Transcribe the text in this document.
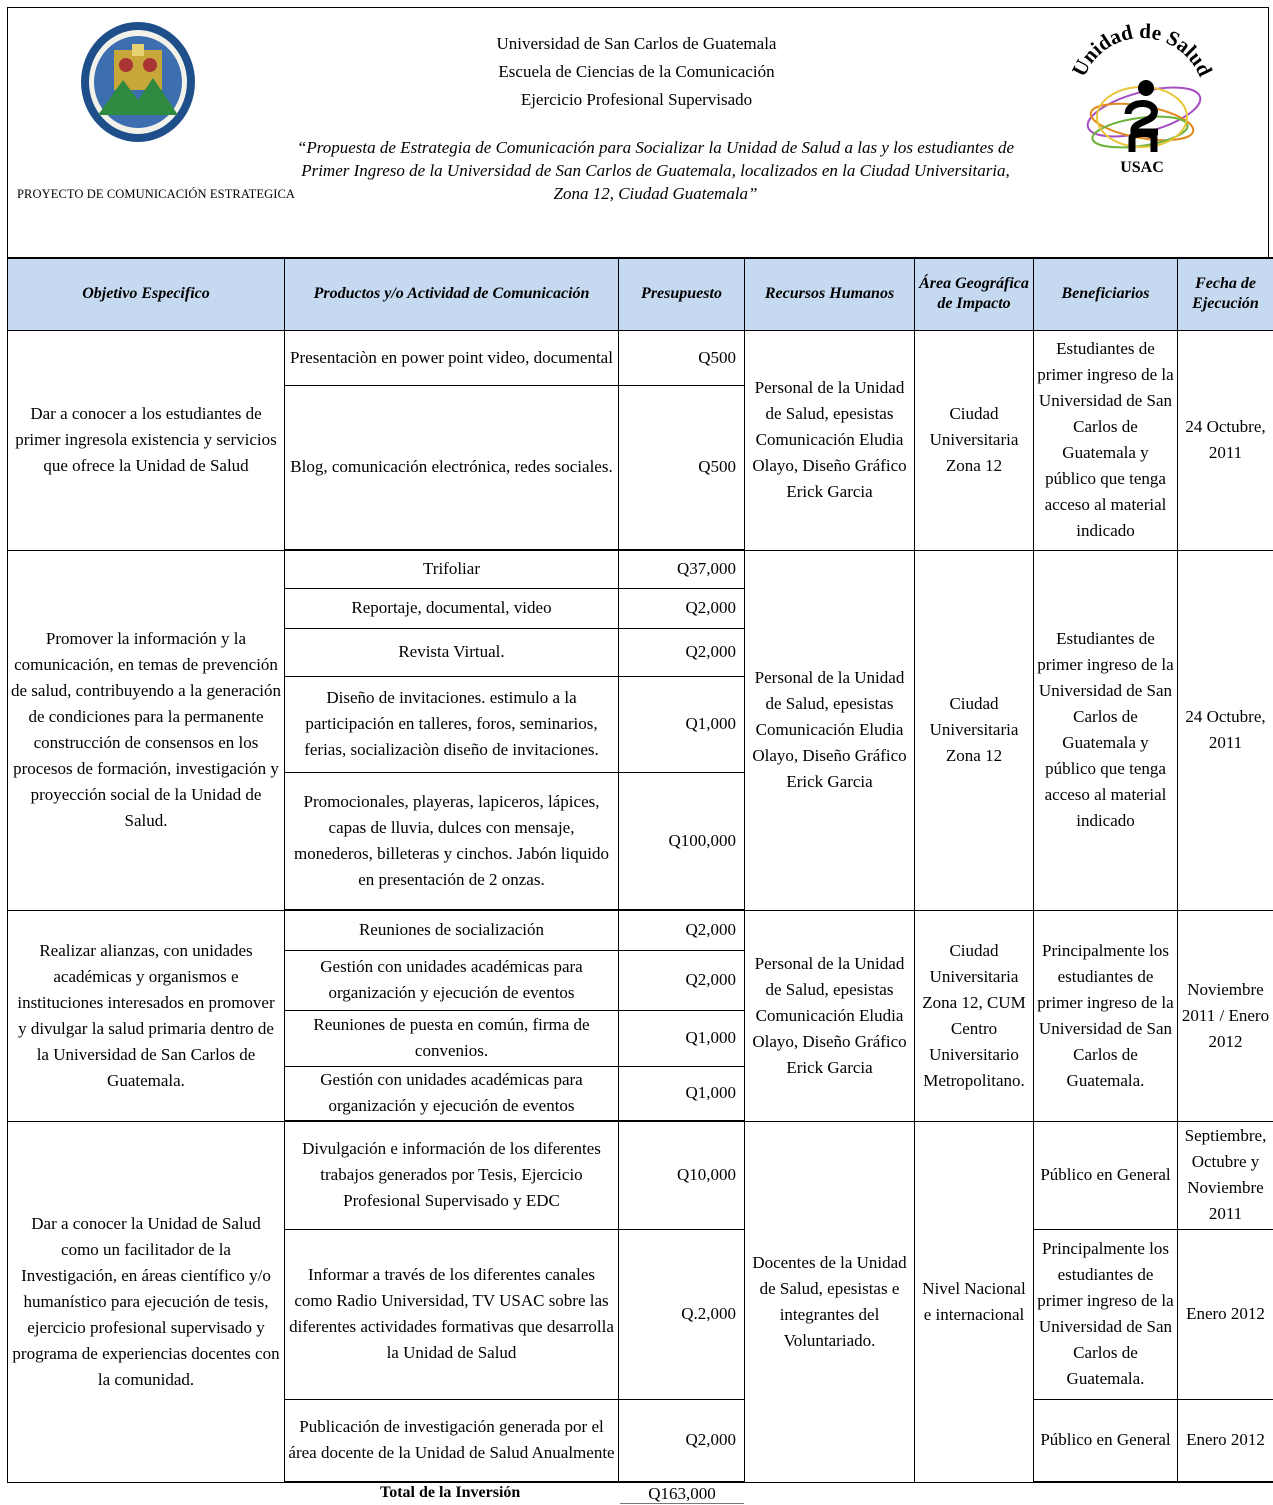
PROYECTO DE COMUNICACIÓN ESTRATEGICA
Universidad de San Carlos de Guatemala
Escuela de Ciencias de la Comunicación
Ejercicio Profesional Supervisado
“Propuesta de Estrategia de Comunicación para Socializar la Unidad de Salud a las y los estudiantes de Primer Ingreso de la Universidad de San Carlos de Guatemala, localizados en la Ciudad Universitaria, Zona 12, Ciudad Guatemala”
Unidad de Salud
USAC
Objetivo Especifico	Productos y/o Actividad de Comunicación	Presupuesto	Recursos Humanos	Área Geográfica de Impacto	Beneficiarios	Fecha de Ejecución
Dar a conocer a los estudiantes de primer ingresola existencia y servicios que ofrece la Unidad de Salud	Presentaciòn en power point video, documental	Q500	Personal de la Unidad de Salud, epesistas Comunicación Eludia Olayo, Diseño Gráfico Erick Garcia	Ciudad Universitaria Zona 12	Estudiantes de primer ingreso de la Universidad de San Carlos de Guatemala y público que tenga acceso al material indicado	24 Octubre, 2011
	Blog, comunicación electrónica, redes sociales.	Q500				
Promover la información y la comunicación, en temas de prevención de salud, contribuyendo a la generación de condiciones para la permanente construcción de consensos en los procesos de formación, investigación y proyección social de la Unidad de Salud.	Trifoliar	Q37,000	Personal de la Unidad de Salud, epesistas Comunicación Eludia Olayo, Diseño Gráfico Erick Garcia	Ciudad Universitaria Zona 12	Estudiantes de primer ingreso de la Universidad de San Carlos de Guatemala y público que tenga acceso al material indicado	24 Octubre, 2011
	Reportaje, documental, video	Q2,000				
	Revista Virtual.	Q2,000				
	Diseño de invitaciones. estimulo a la participación en talleres, foros, seminarios, ferias, socializaciòn diseño de invitaciones.	Q1,000				
	Promocionales, playeras, lapiceros, lápices, capas de lluvia, dulces con mensaje, monederos, billeteras y cinchos. Jabón liquido en presentación de 2 onzas.	Q100,000				
Realizar alianzas, con unidades académicas y organismos e instituciones interesados en promover y divulgar la salud primaria dentro de la Universidad de San Carlos de Guatemala.	Reuniones de socialización	Q2,000	Personal de la Unidad de Salud, epesistas Comunicación Eludia Olayo, Diseño Gráfico Erick Garcia	Ciudad Universitaria Zona 12, CUM Centro Universitario Metropolitano.	Principalmente los estudiantes de primer ingreso de la Universidad de San Carlos de Guatemala.	Noviembre 2011 / Enero 2012
	Gestión con unidades académicas para organización y ejecución de eventos	Q2,000				
	Reuniones de puesta en común, firma de convenios.	Q1,000				
	Gestión con unidades académicas para organización y ejecución de eventos	Q1,000				
Dar a conocer la Unidad de Salud como un facilitador de la Investigación, en áreas científico y/o humanístico para ejecución de tesis, ejercicio profesional supervisado y programa de experiencias docentes con la comunidad.	Divulgación e información de los diferentes trabajos generados por Tesis, Ejercicio Profesional Supervisado y EDC	Q10,000	Docentes de la Unidad de Salud, epesistas e integrantes del Voluntariado.	Nivel Nacional e internacional	Público en General	Septiembre, Octubre y Noviembre 2011
	Informar a través de los diferentes canales como Radio Universidad, TV USAC sobre las diferentes actividades formativas que desarrolla la Unidad de Salud	Q.2,000			Principalmente los estudiantes de primer ingreso de la Universidad de San Carlos de Guatemala.	Enero 2012
	Publicación de investigación generada por el área docente de la Unidad de Salud Anualmente	Q2,000			Público en General	Enero 2012
Total de la Inversión	Q163,000
